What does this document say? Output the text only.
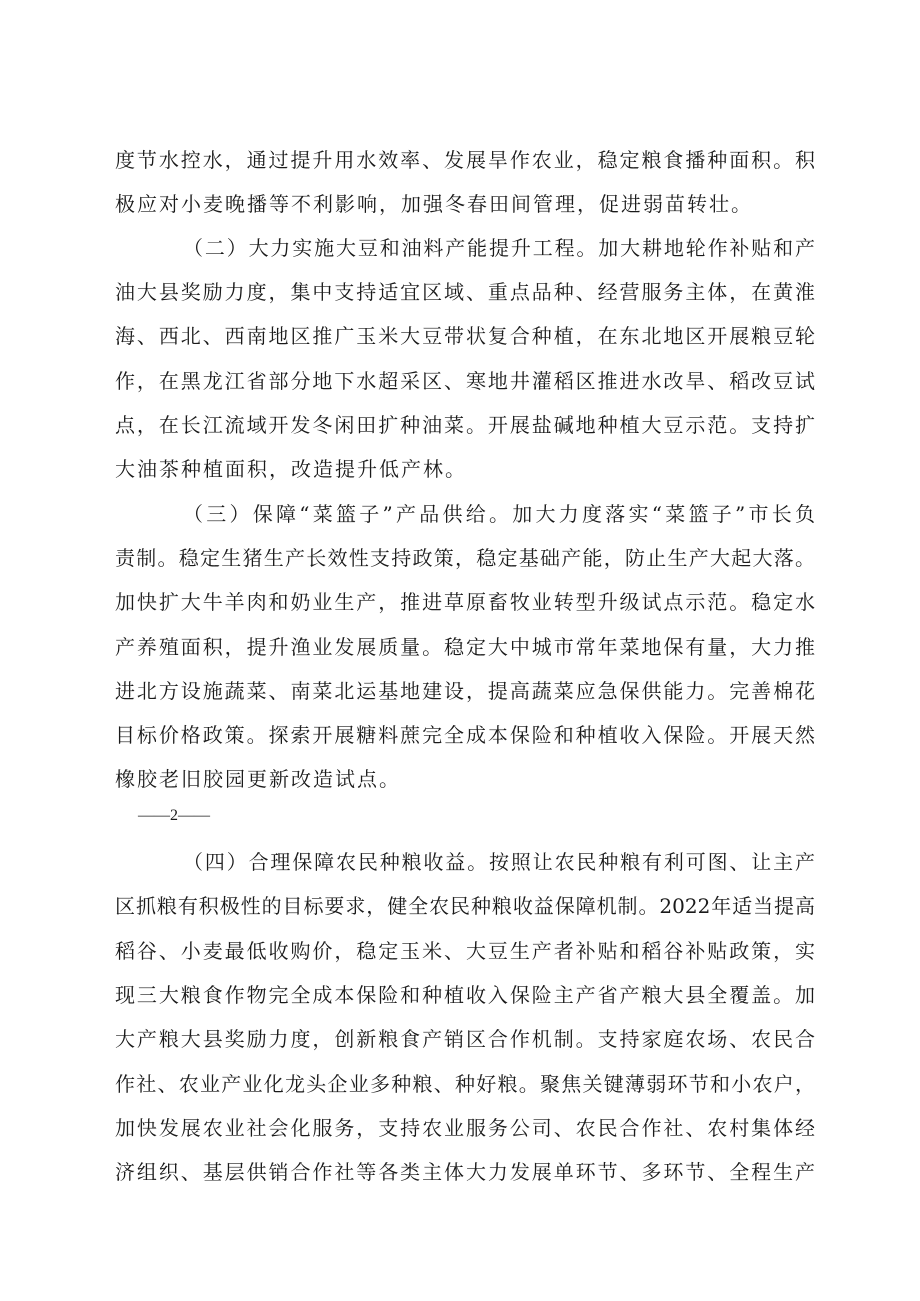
度节水控水，通过提升用水效率、发展旱作农业，稳定粮食播种面积。积
极应对小麦晚播等不利影响，加强冬春田间管理，促进弱苗转壮。
（二）大力实施大豆和油料产能提升工程。加大耕地轮作补贴和产
油大县奖励力度，集中支持适宜区域、重点品种、经营服务主体，在黄淮
海、西北、西南地区推广玉米大豆带状复合种植，在东北地区开展粮豆轮
作，在黑龙江省部分地下水超采区、寒地井灌稻区推进水改旱、稻改豆试
点，在长江流域开发冬闲田扩种油菜。开展盐碱地种植大豆示范。支持扩
大油茶种植面积，改造提升低产林。
（三）保障“菜篮子”产品供给。加大力度落实“菜篮子”市长负
责制。稳定生猪生产长效性支持政策，稳定基础产能，防止生产大起大落。
加快扩大牛羊肉和奶业生产，推进草原畜牧业转型升级试点示范。稳定水
产养殖面积，提升渔业发展质量。稳定大中城市常年菜地保有量，大力推
进北方设施蔬菜、南菜北运基地建设，提高蔬菜应急保供能力。完善棉花
目标价格政策。探索开展糖料蔗完全成本保险和种植收入保险。开展天然
橡胶老旧胶园更新改造试点。
——2——
（四）合理保障农民种粮收益。按照让农民种粮有利可图、让主产
区抓粮有积极性的目标要求，健全农民种粮收益保障机制。2022年适当提高
稻谷、小麦最低收购价，稳定玉米、大豆生产者补贴和稻谷补贴政策，实
现三大粮食作物完全成本保险和种植收入保险主产省产粮大县全覆盖。加
大产粮大县奖励力度，创新粮食产销区合作机制。支持家庭农场、农民合
作社、农业产业化龙头企业多种粮、种好粮。聚焦关键薄弱环节和小农户，
加快发展农业社会化服务，支持农业服务公司、农民合作社、农村集体经
济组织、基层供销合作社等各类主体大力发展单环节、多环节、全程生产
